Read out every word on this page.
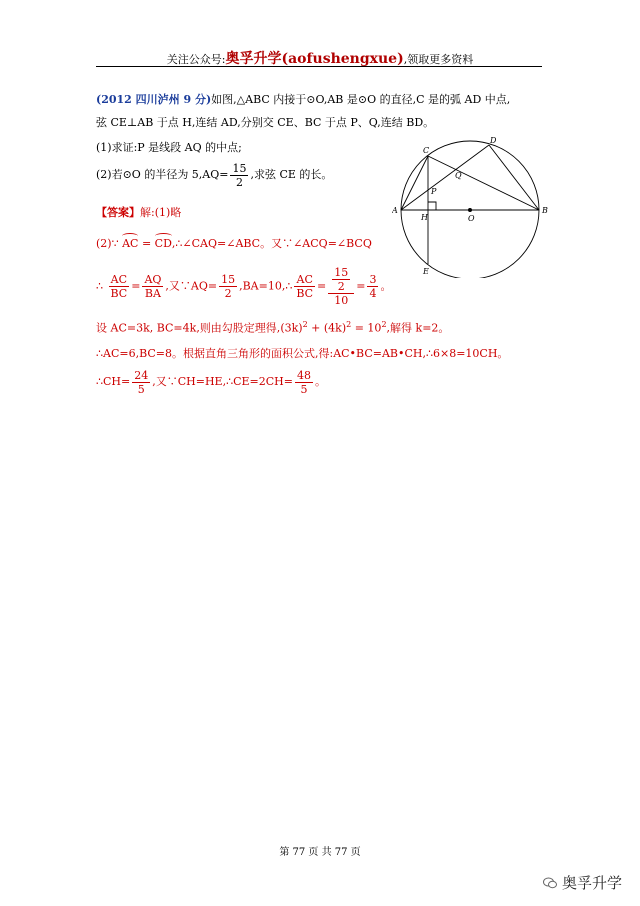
关注公众号:奥孚升学(aofushengxue),领取更多资料
(2012 四川泸州 9 分)如图,△ABC 内接于⊙O,AB 是⊙O 的直径,C 是的弧 AD 中点,
弦 CE⊥AB 于点 H,连结 AD,分别交 CE、BC 于点 P、Q,连结 BD。
(1)求证:P 是线段 AQ 的中点;
(2)若⊙O 的半径为 $5,AQ= \frac{15}{2}$ ,求弦 CE 的长。
【答案】解:(1)略
(2)∵ AC = CD,∴∠CAQ=∠ABC。又∵∠ACQ=∠BCQ
∴ $\frac{AC}{BC} = \frac{AQ}{BA}$ ,又∵AQ= $\frac{15}{2}$ ,BA=10,∴ $\frac{AC}{BC} = 15$
2
$10 = \frac{3}{4}$ 。
设 AC=3k, BC=4k,则由勾股定理得$,(3k)^2 + (4k)^2 = 10^2$,解得 k=2。
∴AC=6,BC=8。根据直角三角形的面积公式,得:AC•BC=AB•CH,∴6×8=10CH。
∴CH= $\frac{24}{5}$ ,又∵CH=HE,∴CE=2CH= $\frac{48}{5}$ 。
A	B
C
D
E
H	O
P
Q
第 77 页 共 77 页
奥孚升学
